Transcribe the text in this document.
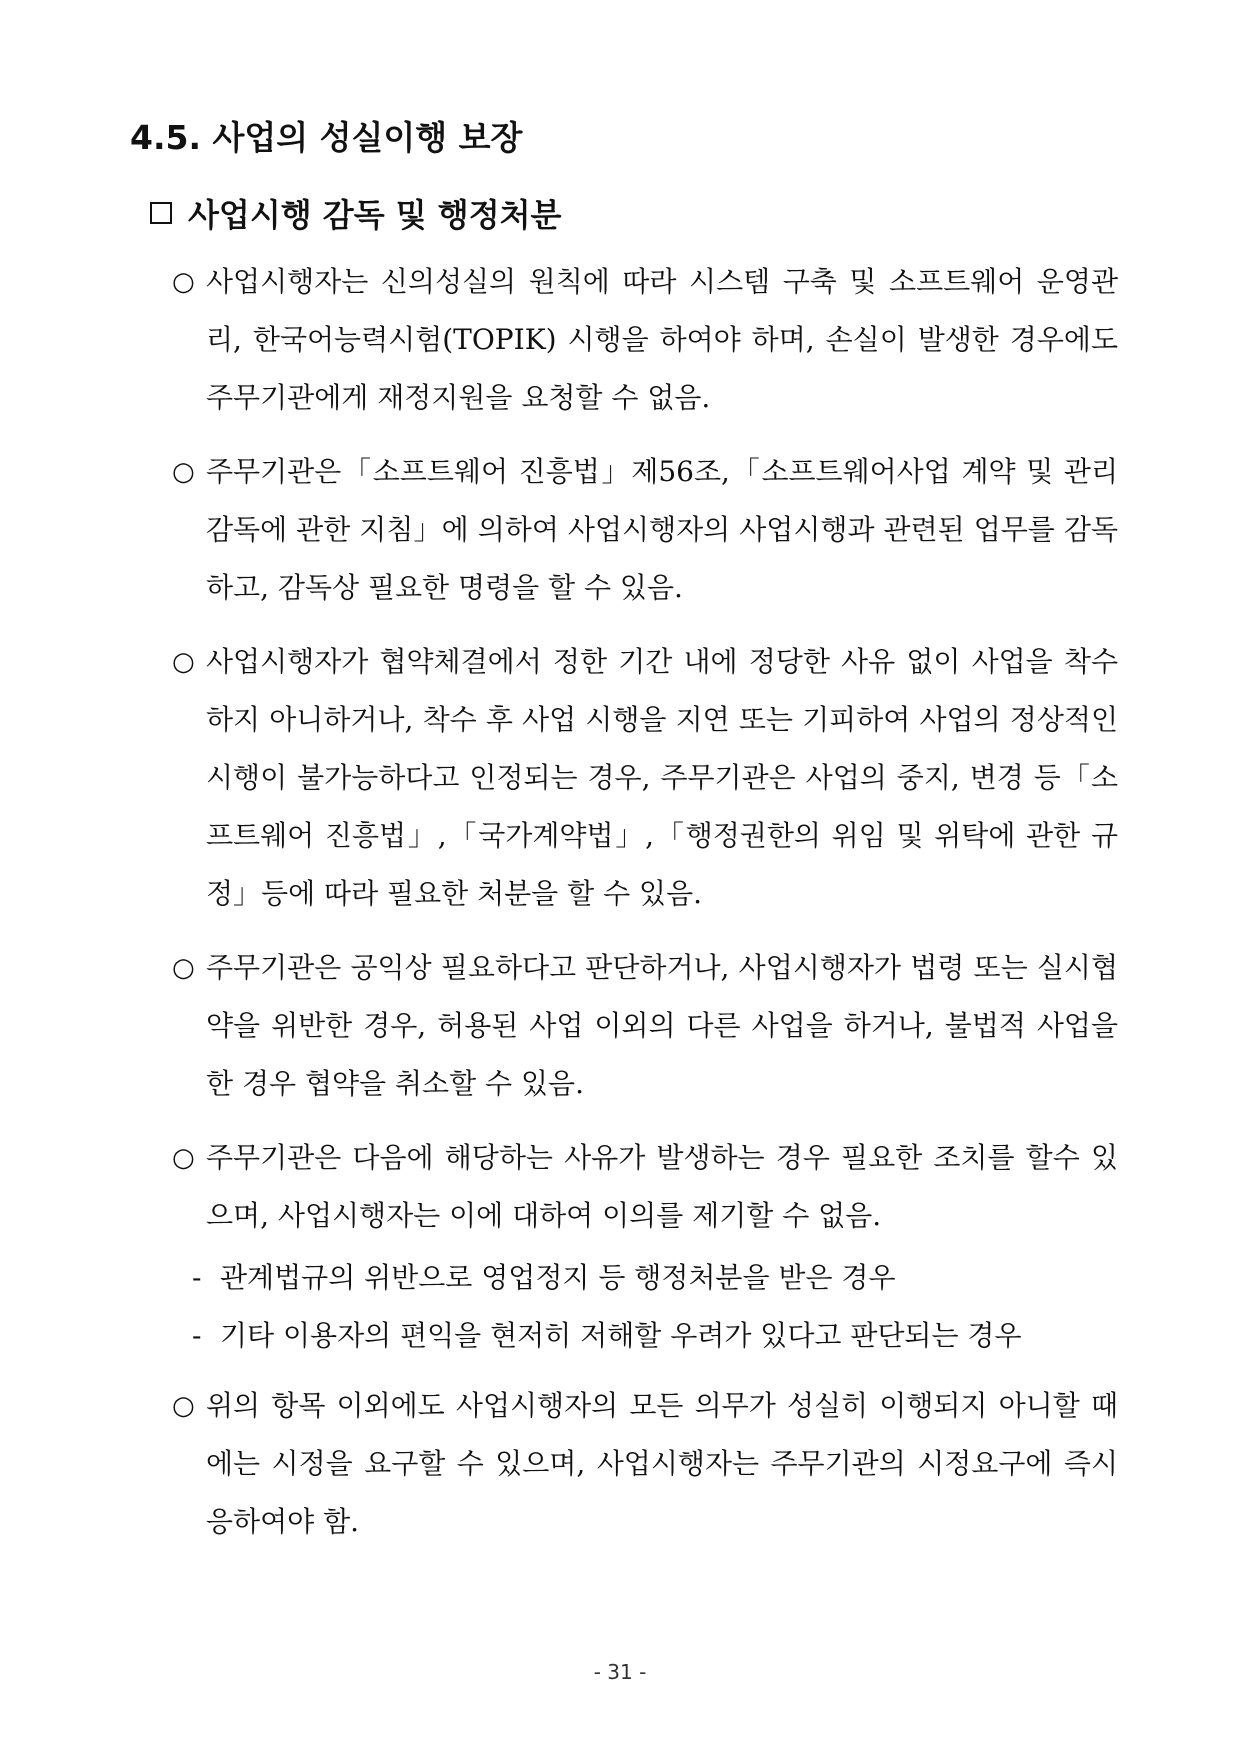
4.5. 사업의 성실이행 보장
사업시행 감독 및 행정처분

○ 사업시행자는 신의성실의 원칙에 따라 시스템 구축 및 소프트웨어 운영관리, 한국어능력시험(TOPIK) 시행을 하여야 하며, 손실이 발생한 경우에도 주무기관에게 재정지원을 요청할 수 없음.

○ 주무기관은「소프트웨어 진흥법」제56조,「소프트웨어사업 계약 및 관리감독에 관한 지침」에 의하여 사업시행자의 사업시행과 관련된 업무를 감독하고, 감독상 필요한 명령을 할 수 있음.

○ 사업시행자가 협약체결에서 정한 기간 내에 정당한 사유 없이 사업을 착수하지 아니하거나, 착수 후 사업 시행을 지연 또는 기피하여 사업의 정상적인 시행이 불가능하다고 인정되는 경우, 주무기관은 사업의 중지, 변경 등「소프트웨어 진흥법」,「국가계약법」,「행정권한의 위임 및 위탁에 관한 규정」등에 따라 필요한 처분을 할 수 있음.

○ 주무기관은 공익상 필요하다고 판단하거나, 사업시행자가 법령 또는 실시협약을 위반한 경우, 허용된 사업 이외의 다른 사업을 하거나, 불법적 사업을 한 경우 협약을 취소할 수 있음.

○ 주무기관은 다음에 해당하는 사유가 발생하는 경우 필요한 조치를 할수 있으며, 사업시행자는 이에 대하여 이의를 제기할 수 없음.

- 관계법규의 위반으로 영업정지 등 행정처분을 받은 경우
- 기타 이용자의 편익을 현저히 저해할 우려가 있다고 판단되는 경우

○ 위의 항목 이외에도 사업시행자의 모든 의무가 성실히 이행되지 아니할 때에는 시정을 요구할 수 있으며, 사업시행자는 주무기관의 시정요구에 즉시 응하여야 함.

- 31 -
